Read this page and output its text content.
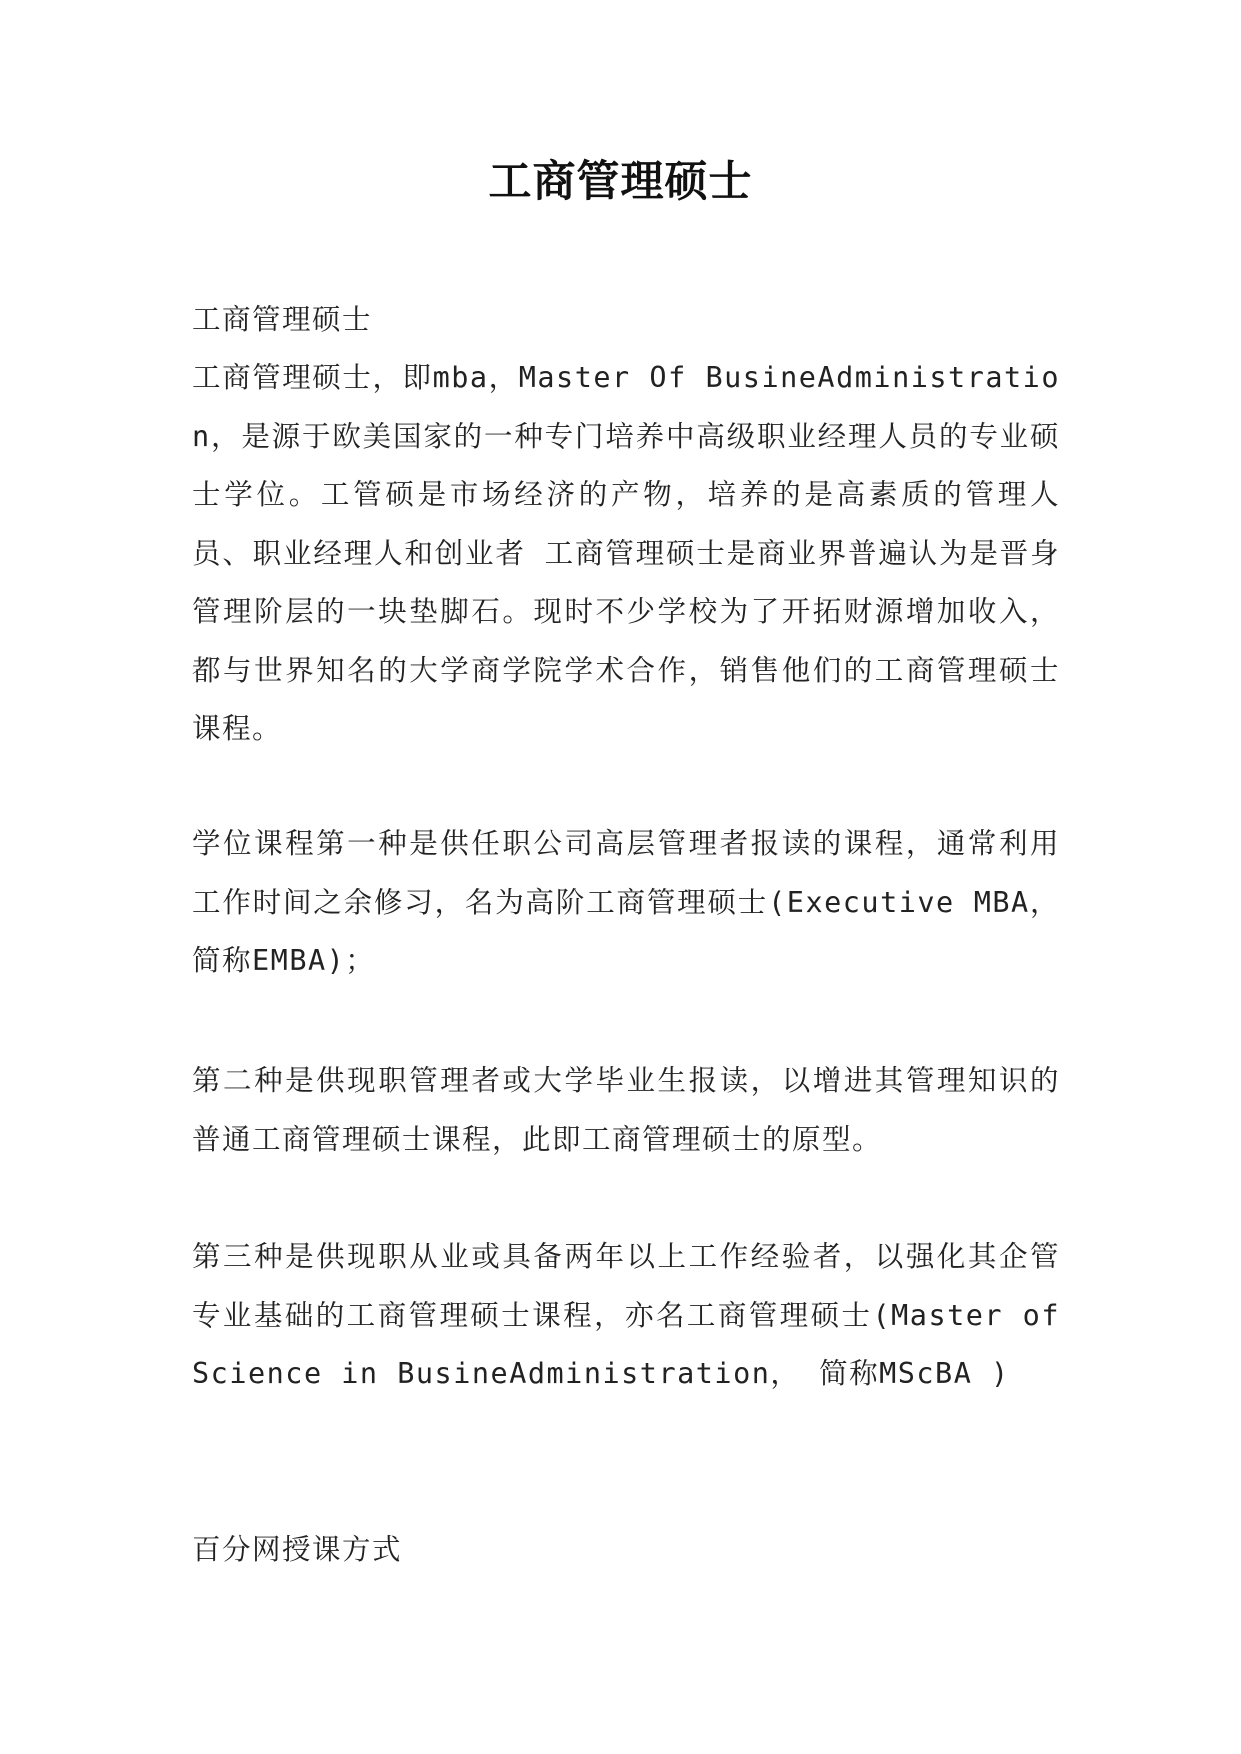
工商管理硕士
工商管理硕士
工商管理硕士，即mba，Master Of BusineAdministration，是源于欧美国家的一种专门培养中高级职业经理人员的专业硕士学位。工管硕是市场经济的产物，培养的是高素质的管理人员、职业经理人和创业者 工商管理硕士是商业界普遍认为是晋身管理阶层的一块垫脚石。现时不少学校为了开拓财源增加收入，都与世界知名的大学商学院学术合作，销售他们的工商管理硕士课程。
学位课程第一种是供任职公司高层管理者报读的课程，通常利用工作时间之余修习，名为高阶工商管理硕士(Executive MBA，简称EMBA)；
第二种是供现职管理者或大学毕业生报读，以增进其管理知识的普通工商管理硕士课程，此即工商管理硕士的原型。
第三种是供现职从业或具备两年以上工作经验者，以强化其企管专业基础的工商管理硕士课程，亦名工商管理硕士(Master of Science in BusineAdministration， 简称MScBA )
百分网授课方式
